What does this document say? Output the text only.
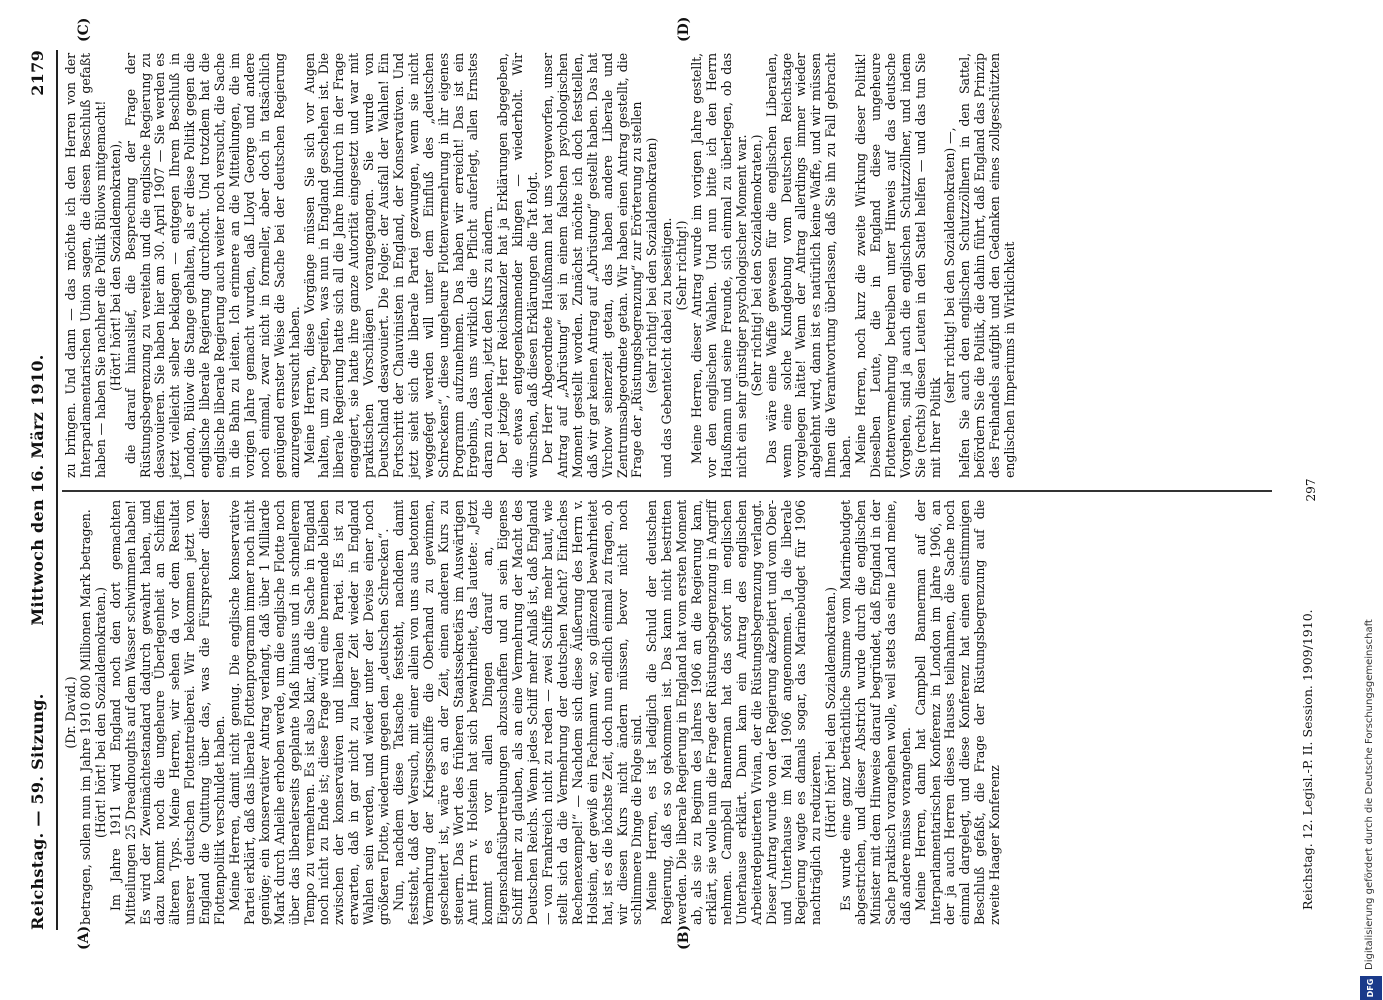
Reichstag. — 59. Sitzung.
Mittwoch den 16. März 1910.
2179
(A)	(B)
(C)	(D)

(Dr. David.) betragen, sollen nun im Jahre 1910 800 Millionen Mark betragen. (Hört! hört! bei den Sozialdemokraten.) Im Jahre 1911 wird England noch den dort gemachten Mitteilungen 25 Dreadnoughts auf dem Wasser schwimmen haben! Es wird der Zweimächtestandard dadurch gewahrt haben, und dazu kommt noch die ungeheure Überlegenheit an Schiffen älteren Typs. Meine Herren, wir sehen da vor dem Resultat unserer deutschen Flottentreiberei. Wir bekommen jetzt von England die Quittung über das, was die Fürsprecher dieser Flottenpolitik verschuldet haben. Meine Herren, damit nicht genug. Die englische konservative Partei erklärt, daß das liberale Flottenprogramm immer noch nicht genüge; ein konservativer Antrag verlangt, daß über 1 Milliarde Mark durch Anleihe erhoben werde, um die englische Flotte noch über das liberalerseits geplante Maß hinaus und in schnellerem Tempo zu vermehren. Es ist also klar, daß die Sache in England noch nicht zu Ende ist; diese Frage wird eine brennende bleiben zwischen der konservativen und liberalen Partei. Es ist zu erwarten, daß in gar nicht zu langer Zeit wieder in England Wahlen sein werden, und wieder unter der Devise einer noch größeren Flotte, wiederum gegen den „deutschen Schrecken“. Nun, nachdem diese Tatsache feststeht, nachdem damit feststeht, daß der Versuch, mit einer allein von uns aus betonten Vermehrung der Kriegsschiffe die Oberhand zu gewinnen, gescheitert ist, wäre es an der Zeit, einen anderen Kurs zu steuern. Das Wort des früheren Staatssekretärs im Auswärtigen Amt Herrn v. Holstein hat sich bewahrheitet, das lautete: „Jetzt kommt es vor allen Dingen darauf an, die Eigenschaftsübertreibungen abzuschaffen und an sein Eigenes Schiff mehr zu glauben, als an eine Vermehrung der Macht des Deutschen Reichs. Wenn jedes Schiff mehr Anlaß ist, daß England — von Frankreich nicht zu reden — zwei Schiffe mehr baut, wie stellt sich da die Vermehrung der deutschen Macht? Einfaches Rechenexempel!“ — Nachdem sich diese Äußerung des Herrn v. Holstein, der gewiß ein Fachmann war, so glänzend bewahrheitet hat, ist es die höchste Zeit, doch nun endlich einmal zu fragen, ob wir diesen Kurs nicht ändern müssen, bevor nicht noch schlimmere Dinge die Folge sind. Meine Herren, es ist lediglich die Schuld der deutschen Regierung, daß es so gekommen ist. Das kann nicht bestritten werden. Die liberale Regierung in England hat vom ersten Moment ab, als sie zu Beginn des Jahres 1906 an die Regierung kam, erklärt, sie wolle nun die Frage der Rüstungsbegrenzung in Angriff nehmen. Campbell Bannerman hat das sofort im englischen Unterhause erklärt. Dann kam ein Antrag des englischen Arbeiterdeputierten Vivian, der die Rüstungsbegrenzung verlangt. Dieser Antrag wurde von der Regierung akzeptiert und vom Ober- und Unterhause im Mai 1906 angenommen. Ja die liberale Regierung wagte es damals sogar, das Marinebudget für 1906 nachträglich zu reduzieren.

(Hört! hört! bei den Sozialdemokraten.) Es wurde eine ganz beträchtliche Summe vom Marinebudget abgestrichen, und dieser Abstrich wurde durch die englischen Minister mit dem Hinweise darauf begründet, daß England in der Sache praktisch vorangehen wolle, weil stets das eine Land meine, daß andere müsse vorangehen. Meine Herren, dann hat Campbell Bannerman auf der Interparlamentarischen Konferenz in London im Jahre 1906, an der ja auch Herren dieses Hauses teilnahmen, die Sache noch einmal dargelegt, und diese Konferenz hat einen einstimmigen Beschluß gefaßt, die Frage der Rüstungsbegrenzung auf die zweite Haager Konferenz

zu bringen. Und dann — das möchte ich den Herren von der Interparlamentarischen Union sagen, die diesen Beschluß gefaßt haben — haben Sie nachher die Politik Bülows mitgemacht! (Hört! hört! bei den Sozialdemokraten), die darauf hinauslief, die Besprechung der Frage der Rüstungsbegrenzung zu vereiteln und die englische Regierung zu desavouieren. Sie haben hier am 30. April 1907 — Sie werden es jetzt vielleicht selber beklagen — entgegen Ihrem Beschluß in London, Bülow die Stange gehalten, als er diese Politik gegen die englische liberale Regierung durchfocht. Und trotzdem hat die englische liberale Regierung auch weiter noch versucht, die Sache in die Bahn zu leiten. Ich erinnere an die Mitteilungen, die im vorigen Jahre gemacht wurden, daß Lloyd George und andere noch einmal, zwar nicht in formeller, aber doch in tatsächlich genügend ernster Weise die Sache bei der deutschen Regierung anzuregen versucht haben. Meine Herren, diese Vorgänge müssen Sie sich vor Augen halten, um zu begreifen, was nun in England geschehen ist. Die liberale Regierung hatte sich all die Jahre hindurch in der Frage engagiert, sie hatte ihre ganze Autorität eingesetzt und war mit praktischen Vorschlägen vorangegangen. Sie wurde von Deutschland desavouiert. Die Folge: der Ausfall der Wahlen! Ein Fortschritt der Chauvinisten in England, der Konservativen. Und jetzt sieht sich die liberale Partei gezwungen, wenn sie nicht weggefegt werden will unter dem Einfluß des „deutschen Schreckens“, diese ungeheure Flottenvermehrung in ihr eigenes Programm aufzunehmen. Das haben wir erreicht! Das ist ein Ergebnis, das uns wirklich die Pflicht auferlegt, allen Ernstes daran zu denken, jetzt den Kurs zu ändern. Der jetzige Herr Reichskanzler hat ja Erklärungen abgegeben, die etwas entgegenkommender klingen — wiederholt. Wir wünschen, daß diesen Erklärungen die Tat folgt. Der Herr Abgeordnete Haußmann hat uns vorgeworfen, unser Antrag auf „Abrüstung“ sei in einem falschen psychologischen Moment gestellt worden. Zunächst möchte ich doch feststellen, daß wir gar keinen Antrag auf „Abrüstung“ gestellt haben. Das hat Virchow seinerzeit getan, das haben andere Liberale und Zentrumsabgeordnete getan. Wir haben einen Antrag gestellt, die Frage der „Rüstungsbegrenzung“ zur Erörterung zu stellen (sehr richtig! bei den Sozialdemokraten) und das Gebenteicht dabei zu beseitigen. (Sehr richtig!) Meine Herren, dieser Antrag wurde im vorigen Jahre gestellt, vor den englischen Wahlen. Und nun bitte ich den Herrn Haußmann und seine Freunde, sich einmal zu überlegen, ob das nicht ein sehr günstiger psychologischer Moment war. (Sehr richtig! bei den Sozialdemokraten.) Das wäre eine Waffe gewesen für die englischen Liberalen, wenn eine solche Kundgebung vom Deutschen Reichstage vorgelegen hätte! Wenn der Antrag allerdings immer wieder abgelehnt wird, dann ist es natürlich keine Waffe, und wir müssen Ihnen die Verantwortung überlassen, daß Sie ihn zu Fall gebracht haben. Meine Herren, noch kurz die zweite Wirkung dieser Politik! Dieselben Leute, die in England diese ungeheure Flottenvermehrung betreiben unter Hinweis auf das deutsche Vorgehen, sind ja auch die englischen Schutzzöllner, und indem Sie (rechts) diesen Leuten in den Sattel helfen — und das tun Sie mit Ihrer Politik

(sehr richtig! bei den Sozialdemokraten) —, helfen Sie auch den englischen Schutzzöllnern in den Sattel, befördern Sie die Politik, die dahin führt, daß England das Prinzip des Freihandels aufgibt und den Gedanken eines zollgeschützten englischen Imperiums in Wirklichkeit

Reichstag. 12. Legisl.-P. II. Session. 1909/1910.
297
DFG
Digitalisierung gefördert durch die Deutsche Forschungsgemeinschaft
